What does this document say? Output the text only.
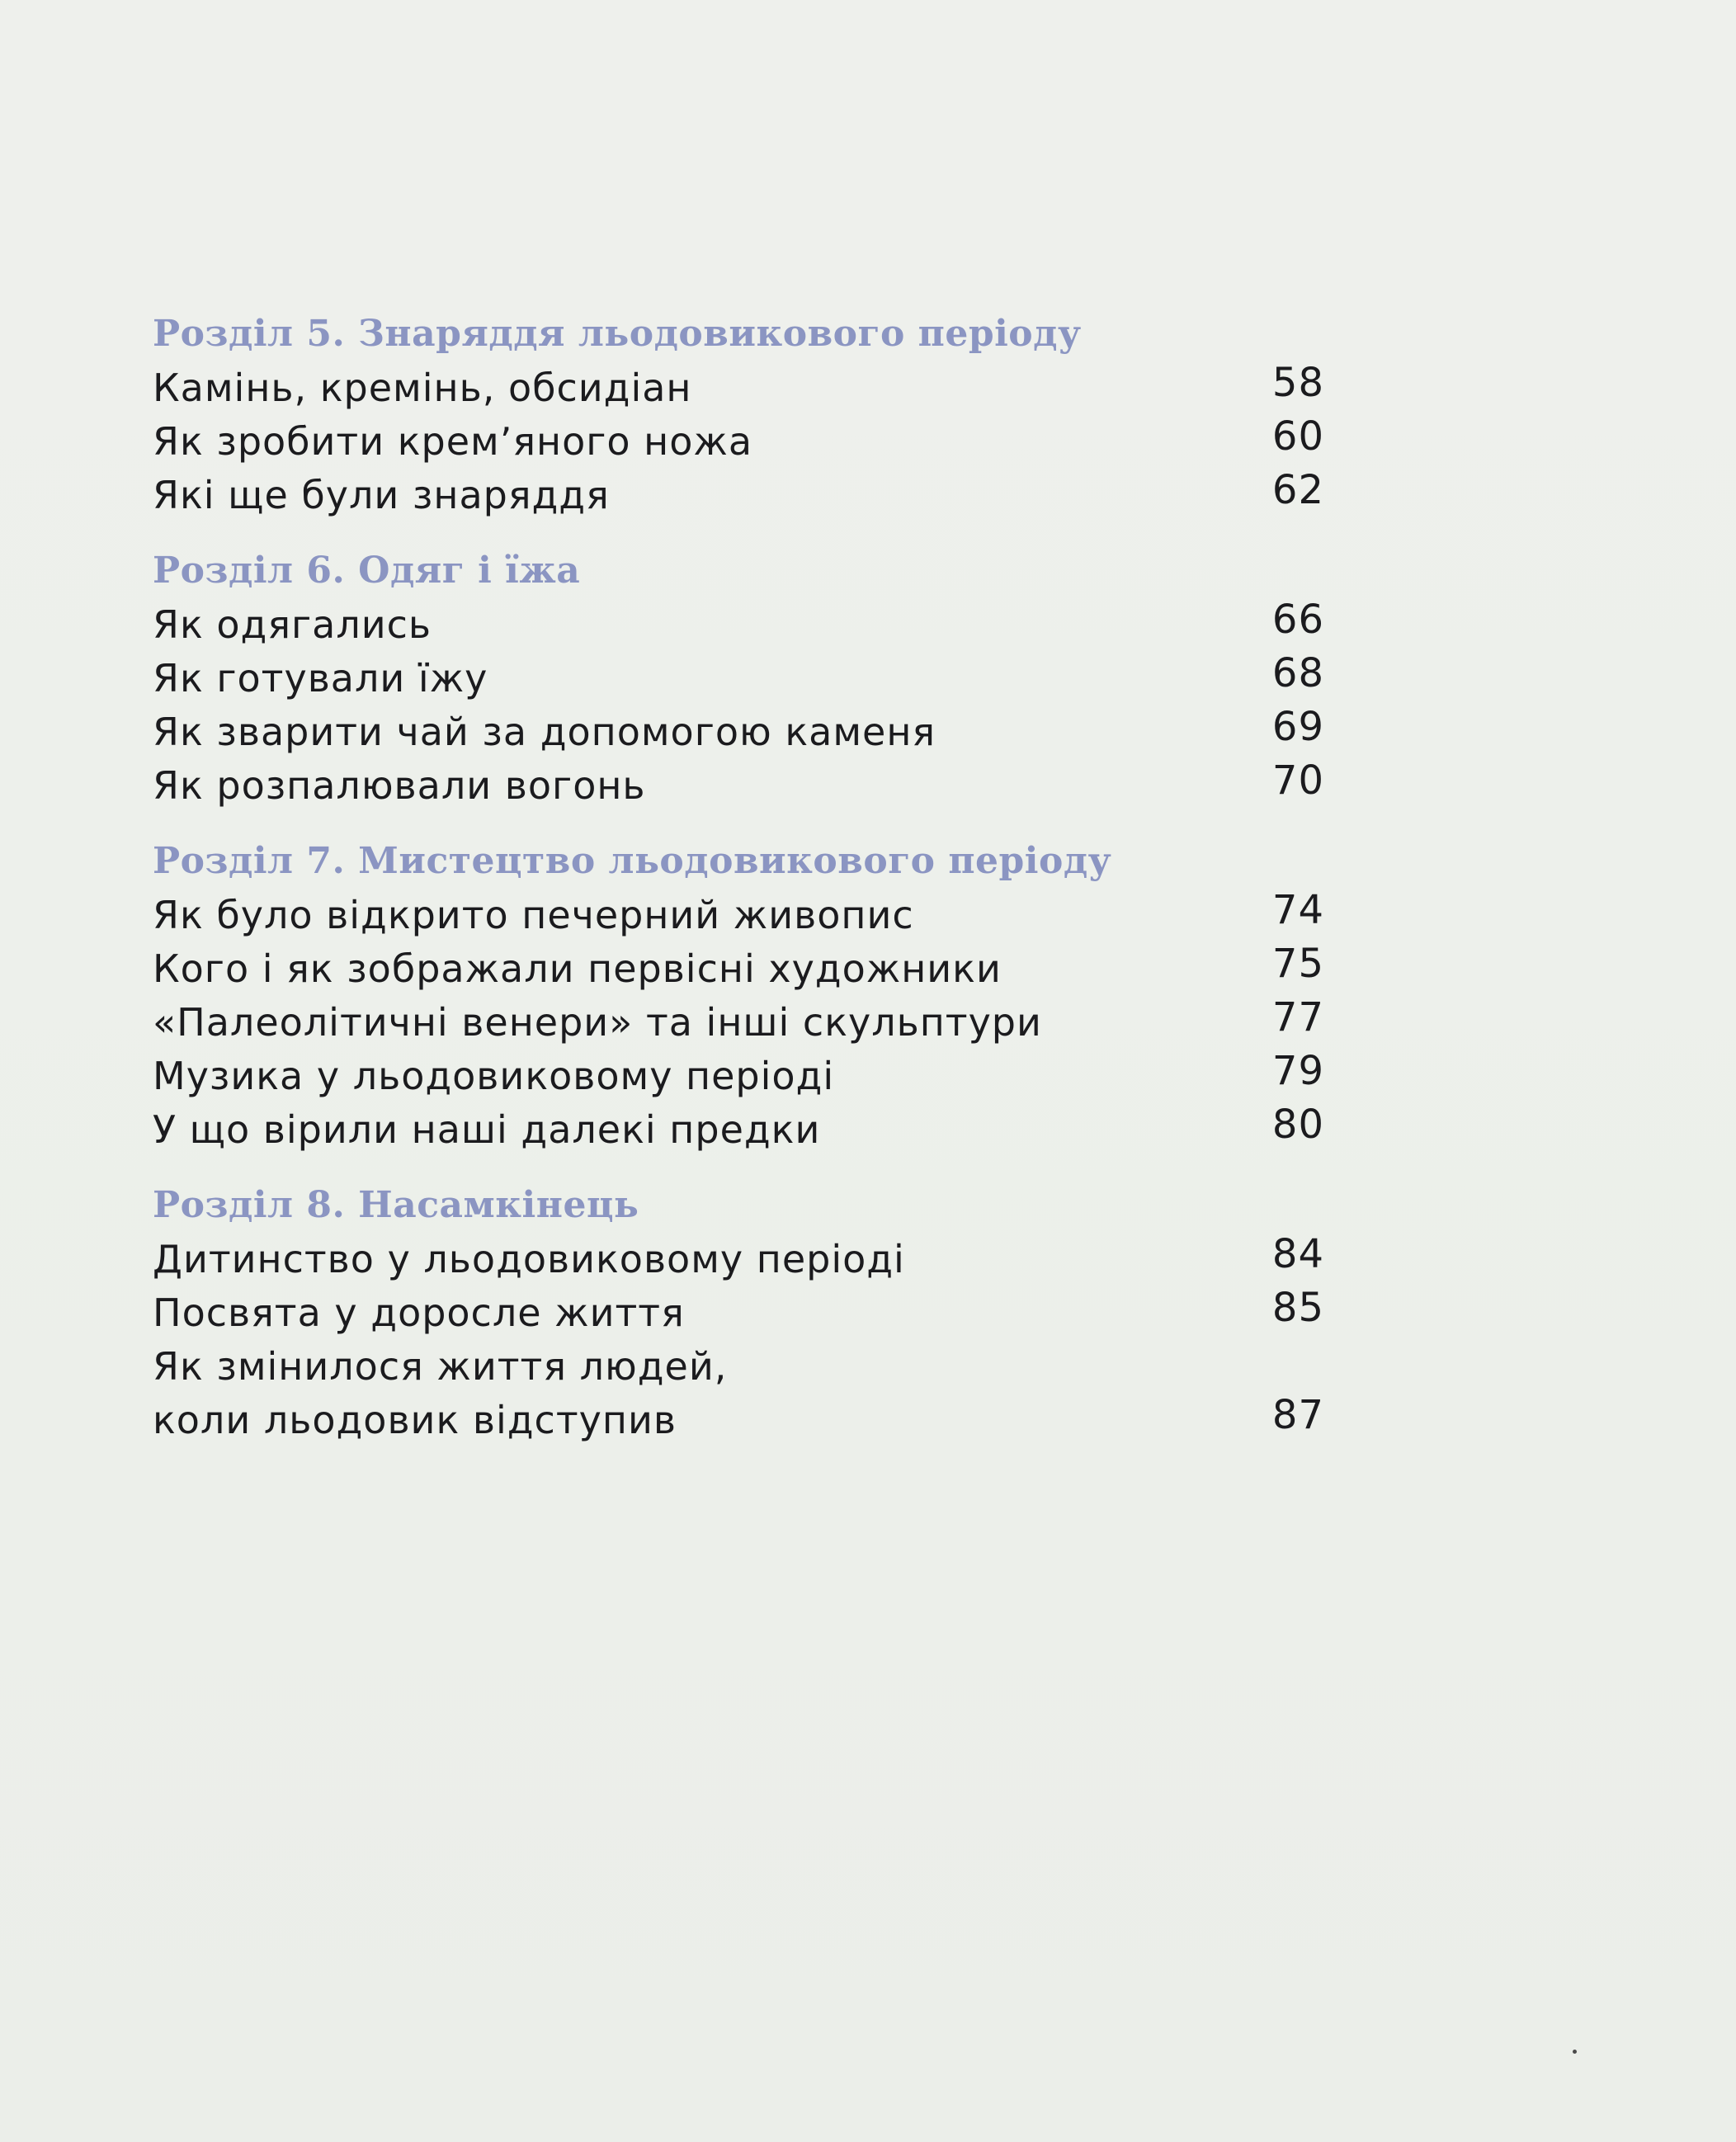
Розділ 5. Знаряддя льодовикового періоду
Камінь, кремінь, обсидіан	58
Як зробити крем’яного ножа	60
Які ще були знаряддя	62
Розділ 6. Одяг і їжа
Як одягались	66
Як готували їжу	68
Як зварити чай за допомогою каменя	69
Як розпалювали вогонь	70
Розділ 7. Мистецтво льодовикового періоду
Як було відкрито печерний живопис	74
Кого і як зображали первісні художники	75
«Палеолітичні венери» та інші скульптури	77
Музика у льодовиковому періоді	79
У що вірили наші далекі предки	80
Розділ 8. Насамкінець
Дитинство у льодовиковому періоді	84
Посвята у доросле життя	85
Як змінилося життя людей,
коли льодовик відступив	87
